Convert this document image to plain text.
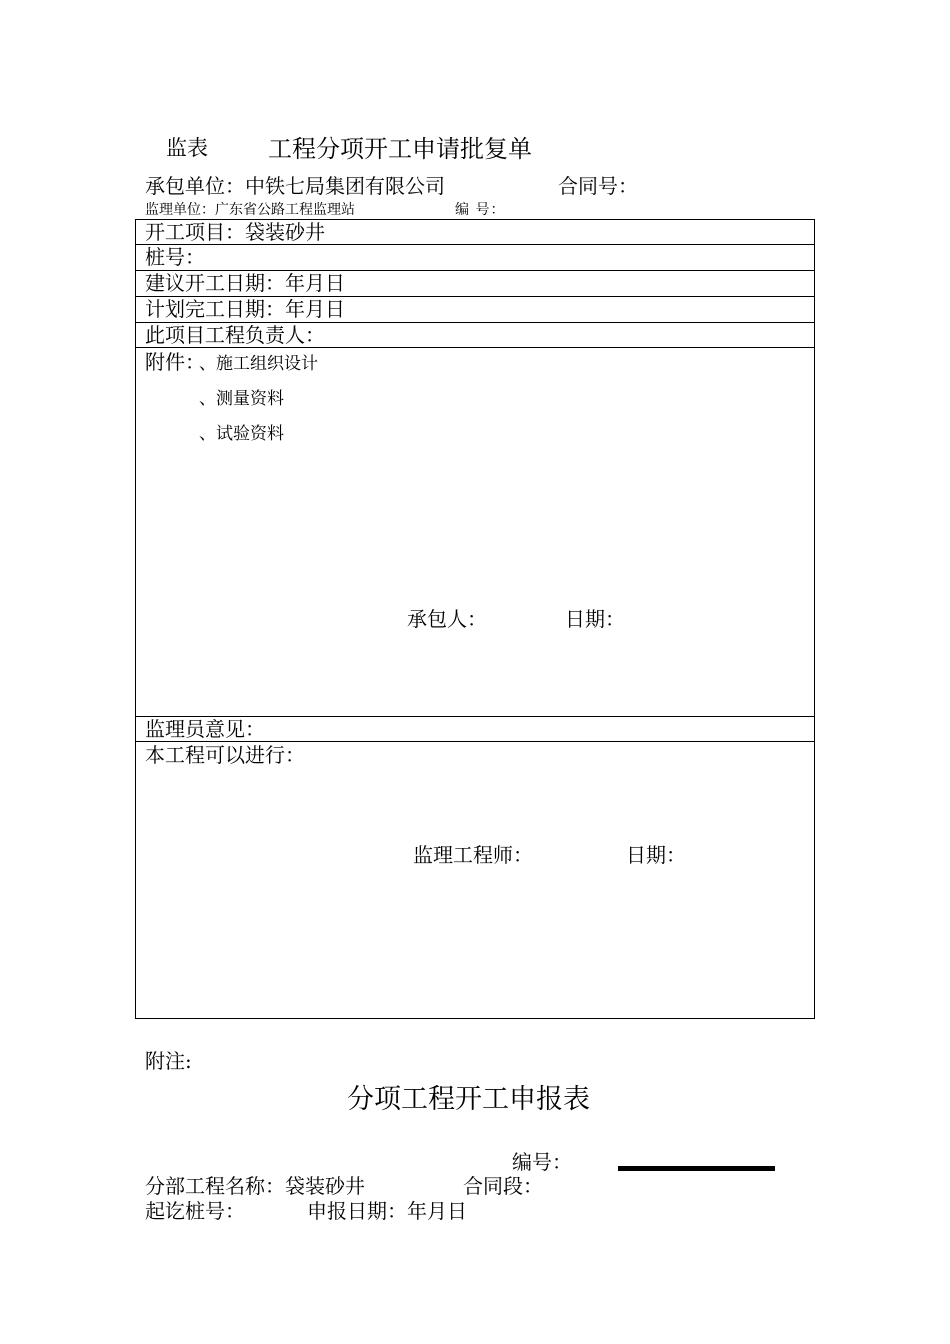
监表	工程分项开工申请批复单
承包单位：中铁七局集团有限公司	合同号：
监理单位：广东省公路工程监理站	编 号：
开工项目：袋装砂井
桩号：
建议开工日期：年月日
计划完工日期：年月日
此项目工程负责人：
附件：
、施工组织设计
、测量资料
、试验资料
承包人：	日期：
监理员意见：
本工程可以进行：
监理工程师：	日期：
附注:
分项工程开工申报表
编号：
分部工程名称：袋装砂井	合同段：
起讫桩号：	申报日期：年月日
